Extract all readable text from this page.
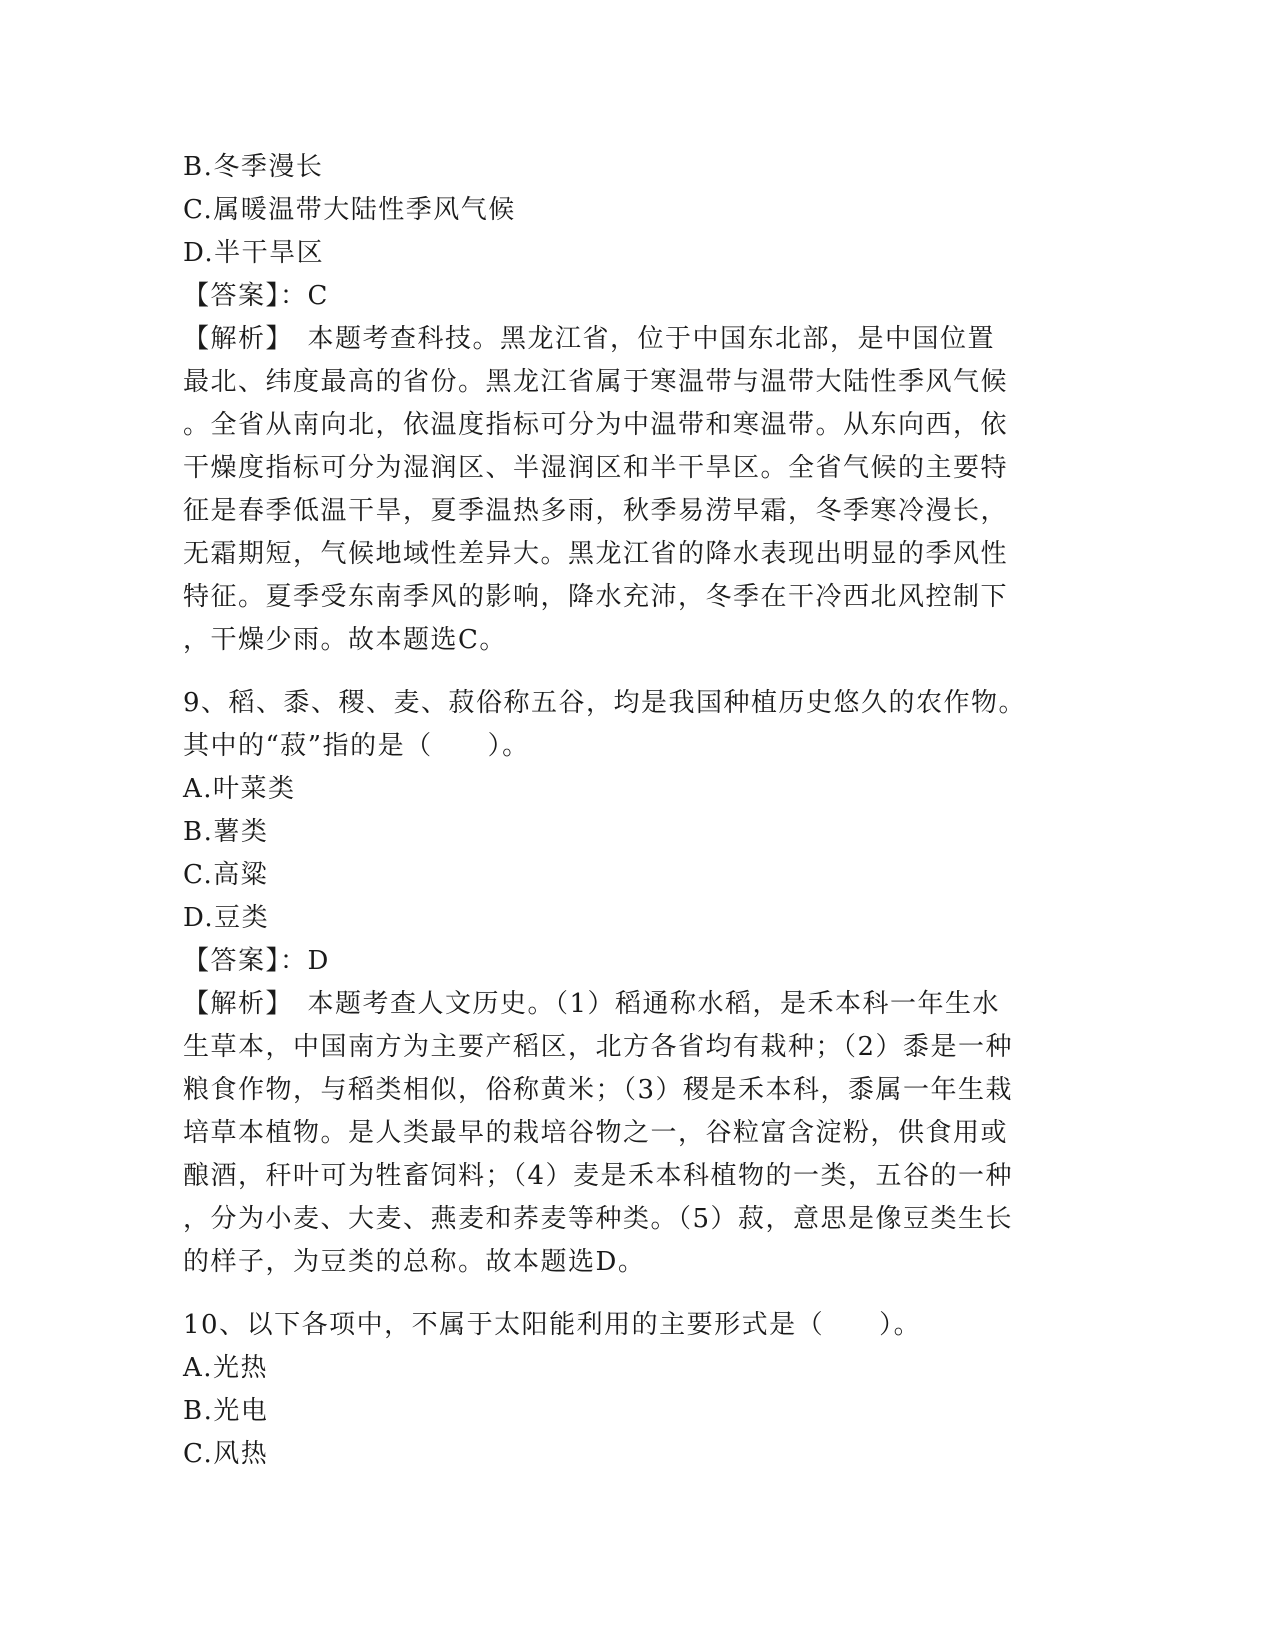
B.冬季漫长
C.属暖温带大陆性季风气候
D.半干旱区
【答案】：C
【解析】　本题考查科技。黑龙江省，位于中国东北部，是中国位置
最北、纬度最高的省份。黑龙江省属于寒温带与温带大陆性季风气候
。全省从南向北，依温度指标可分为中温带和寒温带。从东向西，依
干燥度指标可分为湿润区、半湿润区和半干旱区。全省气候的主要特
征是春季低温干旱，夏季温热多雨，秋季易涝早霜，冬季寒冷漫长，
无霜期短，气候地域性差异大。黑龙江省的降水表现出明显的季风性
特征。夏季受东南季风的影响，降水充沛，冬季在干冷西北风控制下
，干燥少雨。故本题选C。
9、稻、黍、稷、麦、菽俗称五谷，均是我国种植历史悠久的农作物。
其中的“菽”指的是（　　）。
A.叶菜类
B.薯类
C.高粱
D.豆类
【答案】：D
【解析】　本题考查人文历史。（1）稻通称水稻，是禾本科一年生水
生草本，中国南方为主要产稻区，北方各省均有栽种；（2）黍是一种
粮食作物，与稻类相似，俗称黄米；（3）稷是禾本科，黍属一年生栽
培草本植物。是人类最早的栽培谷物之一，谷粒富含淀粉，供食用或
酿酒，秆叶可为牲畜饲料；（4）麦是禾本科植物的一类，五谷的一种
，分为小麦、大麦、燕麦和荞麦等种类。（5）菽，意思是像豆类生长
的样子，为豆类的总称。故本题选D。
10、以下各项中，不属于太阳能利用的主要形式是（　　）。
A.光热
B.光电
C.风热
